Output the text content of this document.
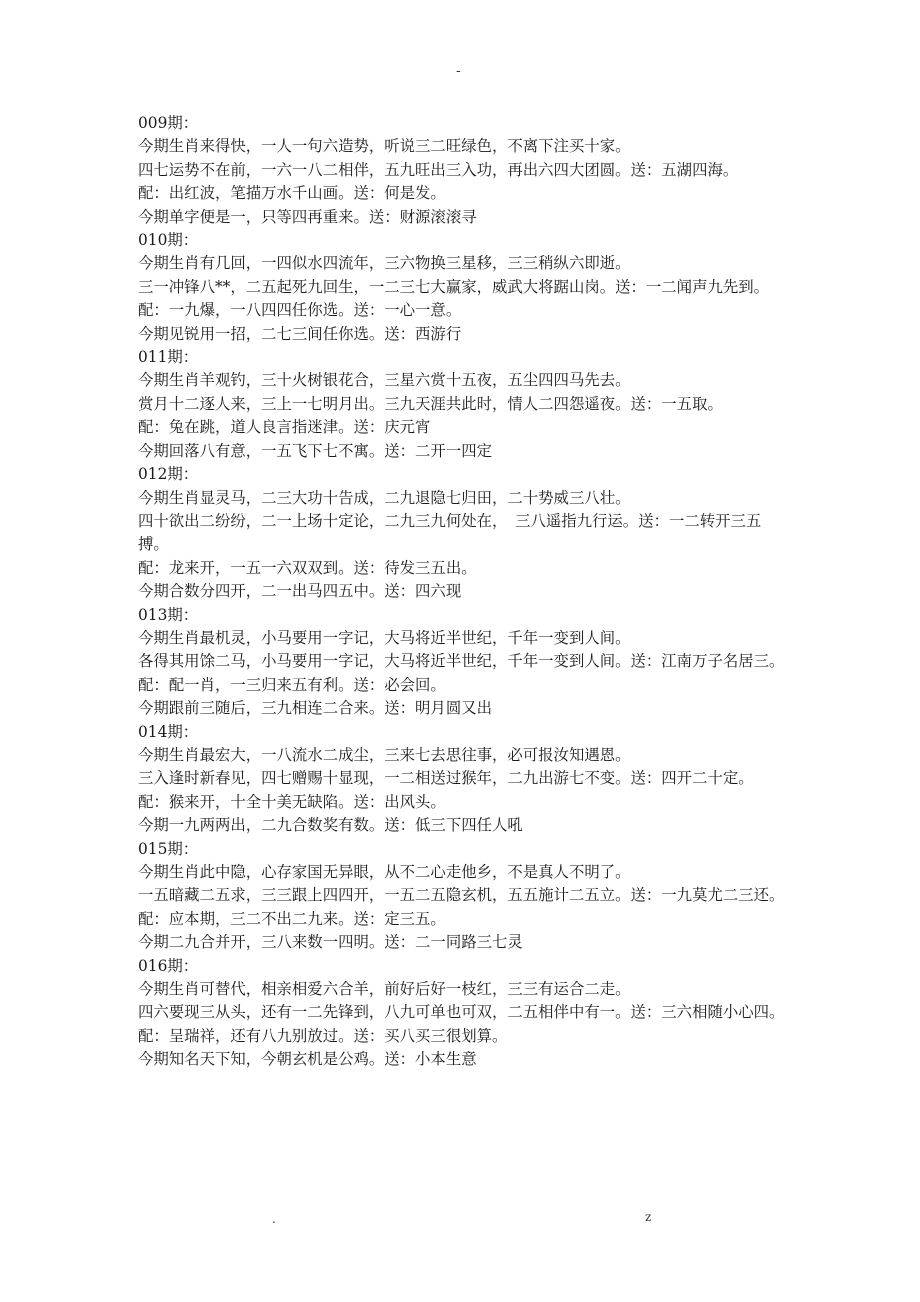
-
009期：
今期生肖来得快，一人一句六造势，听说三二旺绿色，不离下注买十家。
四七运势不在前，一六一八二相伴，五九旺出三入功，再出六四大团圆。送：五湖四海。
配：出红波，笔描万水千山画。送：何是发。
今期单字便是一，只等四再重来。送：财源滚滚寻
010期：
今期生肖有几回，一四似水四流年，三六物换三星移，三三稍纵六即逝。
三一冲锋八**，二五起死九回生，一二三七大赢家，威武大将踞山岗。送：一二闻声九先到。
配：一九爆，一八四四任你选。送：一心一意。
今期见锐用一招，二七三间任你选。送：西游行
011期：
今期生肖羊观钓，三十火树银花合，三星六赏十五夜，五尘四四马先去。
赏月十二逐人来，三上一七明月出。三九天涯共此时，情人二四怨遥夜。送：一五取。
配：兔在跳，道人良言指迷津。送：庆元宵
今期回落八有意，一五飞下七不寓。送：二开一四定
012期：
今期生肖显灵马，二三大功十告成，二九退隐七归田，二十势威三八壮。
四十欲出二纷纷，二一上场十定论，二九三九何处在，　三八遥指九行运。送：一二转开三五搏。
配：龙来开，一五一六双双到。送：待发三五出。
今期合数分四开，二一出马四五中。送：四六现
013期：
今期生肖最机灵，小马要用一字记，大马将近半世纪，千年一变到人间。
各得其用馀二马，小马要用一字记，大马将近半世纪，千年一变到人间。送：江南万子名居三。
配：配一肖，一三归来五有利。送：必会回。
今期跟前三随后，三九相连二合来。送：明月圆又出
014期：
今期生肖最宏大，一八流水二成尘，三来七去思往事，必可报汝知遇恩。
三入逢时新春见，四七赠赐十显现，一二相送过猴年，二九出游七不变。送：四开二十定。
配：猴来开，十全十美无缺陷。送：出风头。
今期一九两两出，二九合数奖有数。送：低三下四任人吼
015期：
今期生肖此中隐，心存家国无异眼，从不二心走他乡，不是真人不明了。
一五暗藏二五求，三三跟上四四开，一五二五隐玄机，五五施计二五立。送：一九莫尤二三还。
配：应本期，三二不出二九来。送：定三五。
今期二九合并开，三八来数一四明。送：二一同路三七灵
016期：
今期生肖可替代，相亲相爱六合羊，前好后好一枝红，三三有运合二走。
四六要现三从头，还有一二先锋到，八九可单也可双，二五相伴中有一。送：三六相随小心四。
配：呈瑞祥，还有八九别放过。送：买八买三很划算。
今期知名天下知，今朝玄机是公鸡。送：小本生意
.	z
